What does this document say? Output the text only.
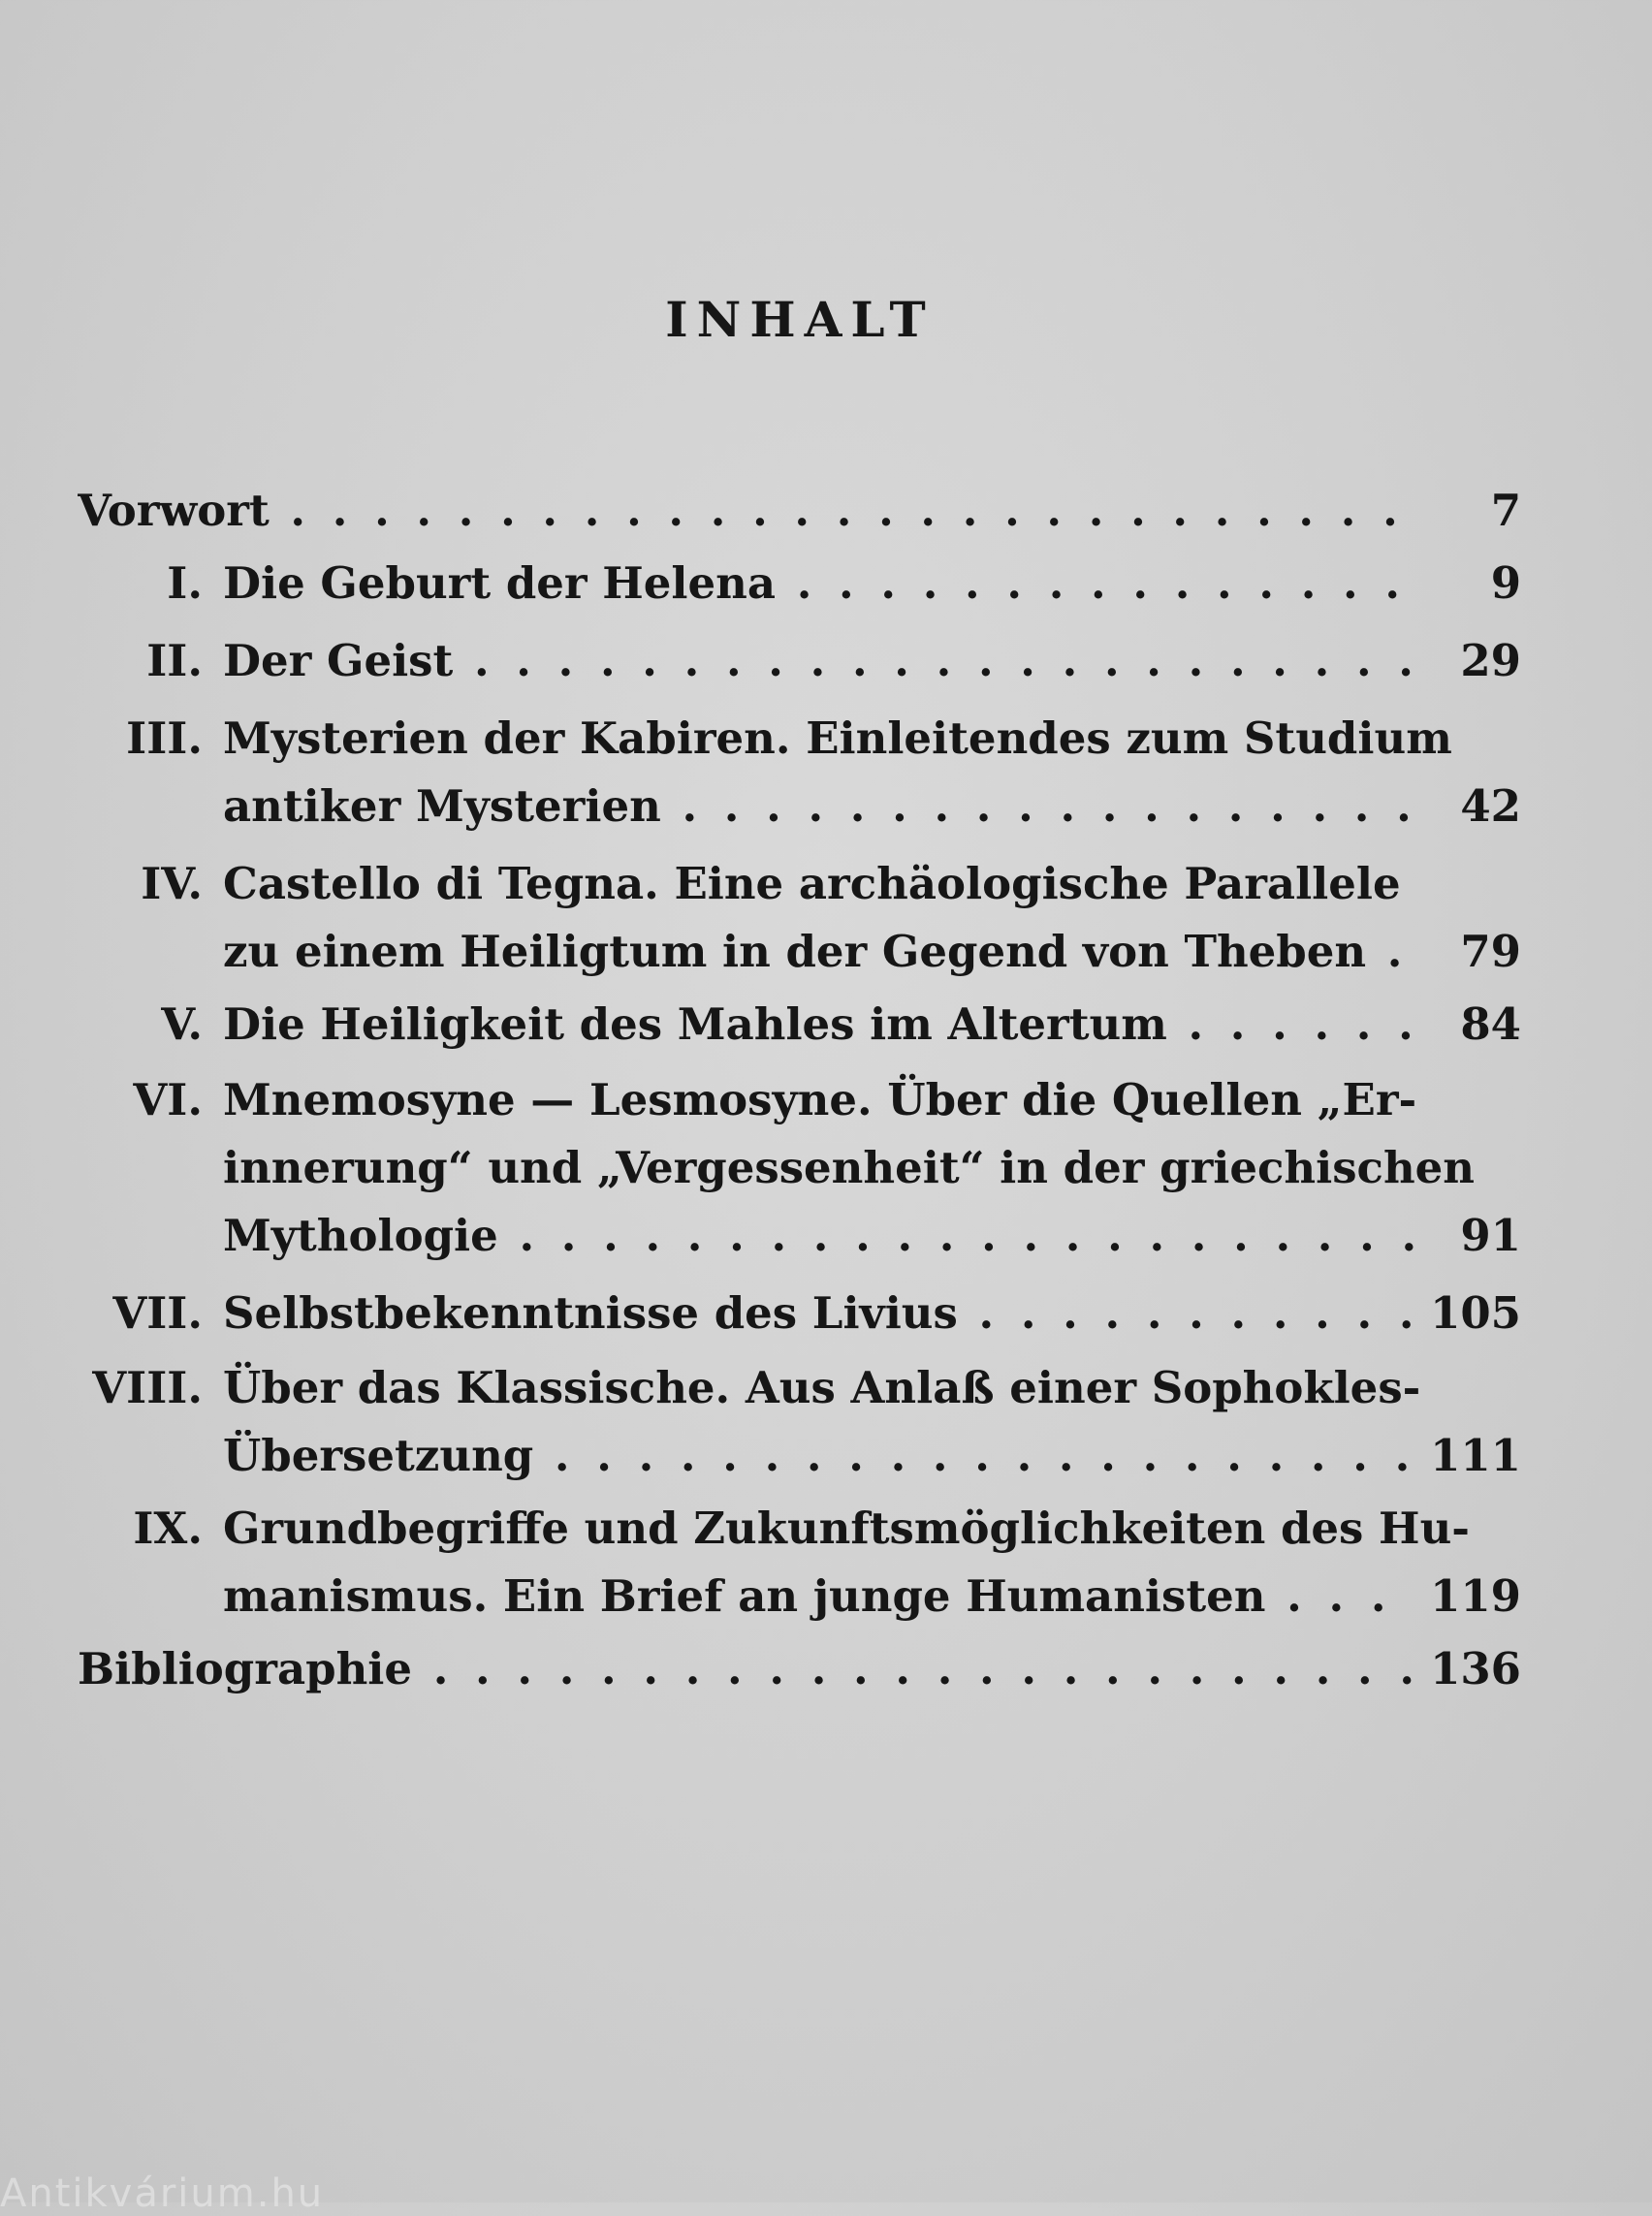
INHALT
Vorwort . . .	7
I. Die Geburt der Helena . . .	9
II. Der Geist . . .	29
III. Mysterien der Kabiren. Einleitendes zum Studium
antiker Mysterien . . .	42
IV. Castello di Tegna. Eine archäologische Parallele
zu einem Heiligtum in der Gegend von Theben . . .	79
V. Die Heiligkeit des Mahles im Altertum . . .	84
VI. Mnemosyne — Lesmosyne. Über die Quellen „Er-
innerung“ und „Vergessenheit“ in der griechischen
Mythologie . . .	91
VII. Selbstbekenntnisse des Livius . . .	105
VIII. Über das Klassische. Aus Anlaß einer Sophokles-
Übersetzung . . .	111
IX. Grundbegriffe und Zukunftsmöglichkeiten des Hu-
manismus. Ein Brief an junge Humanisten . . .	119
Bibliographie . . .	136
Antikvárium.hu
